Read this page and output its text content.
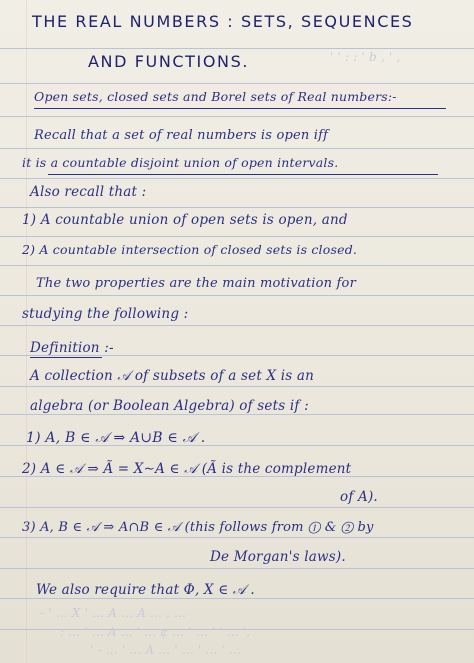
THE REAL NUMBERS : SETS, SEQUENCES
AND FUNCTIONS.	' ' : : ' b , ' ,
Open sets, closed sets and Borel sets of Real numbers:-
Recall that a set of real numbers is open iff
it is a countable disjoint union of open intervals.
Also recall that :
1) A countable union of open sets is open, and
2) A countable intersection of closed sets is closed.
The two properties are the main motivation for
studying the following :
Definition :-
A collection 𝒜 of subsets of a set X is an
algebra (or Boolean Algebra) of sets if :
1) A, B ∈ 𝒜 ⇒ A∪B ∈ 𝒜 .
2) A ∈ 𝒜 ⇒ Ã = X∼A ∈ 𝒜 (Ã is the complement
of A).
3) A, B ∈ 𝒜 ⇒ A∩B ∈ 𝒜 (this follows from ① & ② by
De Morgan's laws).
We also require that Φ, X ∈ 𝒜 .
- ' ... X ' ... A ... A ... , ...
: ... ' ... A ... ' ... ¢ ... ' ... ' ' ... ',
' - ... ' ... A ... ' ... ' ... ' ...
